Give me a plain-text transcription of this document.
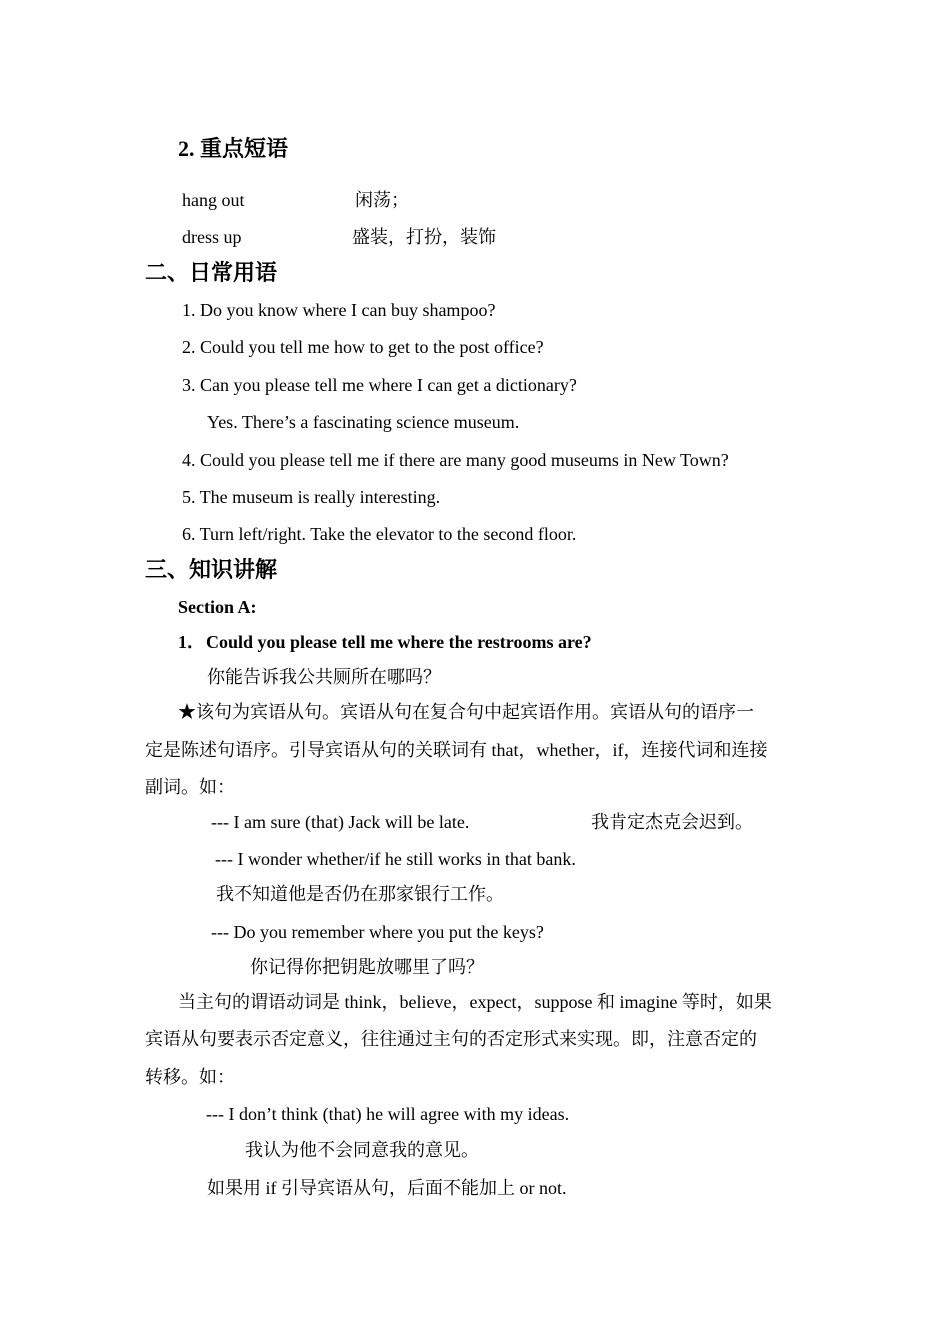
2. 重点短语
hang out	闲荡；
dress up	盛装，打扮，装饰
二、日常用语
1. Do you know where I can buy shampoo?
2. Could you tell me how to get to the post office?
3. Can you please tell me where I can get a dictionary?
Yes. There’s a fascinating science museum.
4. Could you please tell me if there are many good museums in New Town?
5. The museum is really interesting.
6. Turn left/right. Take the elevator to the second floor.
三、知识讲解
Section A:
1． Could you please tell me where the restrooms are?
你能告诉我公共厕所在哪吗？
★该句为宾语从句。宾语从句在复合句中起宾语作用。宾语从句的语序一
定是陈述句语序。引导宾语从句的关联词有 that，whether，if，连接代词和连接
副词。如：
--- I am sure (that) Jack will be late.	我肯定杰克会迟到。
--- I wonder whether/if he still works in that bank.
我不知道他是否仍在那家银行工作。
--- Do you remember where you put the keys?
你记得你把钥匙放哪里了吗？
当主句的谓语动词是 think，believe，expect，suppose 和 imagine 等时，如果
宾语从句要表示否定意义，往往通过主句的否定形式来实现。即，注意否定的
转移。如：
--- I don’t think (that) he will agree with my ideas.
我认为他不会同意我的意见。
如果用 if 引导宾语从句，后面不能加上 or not.
